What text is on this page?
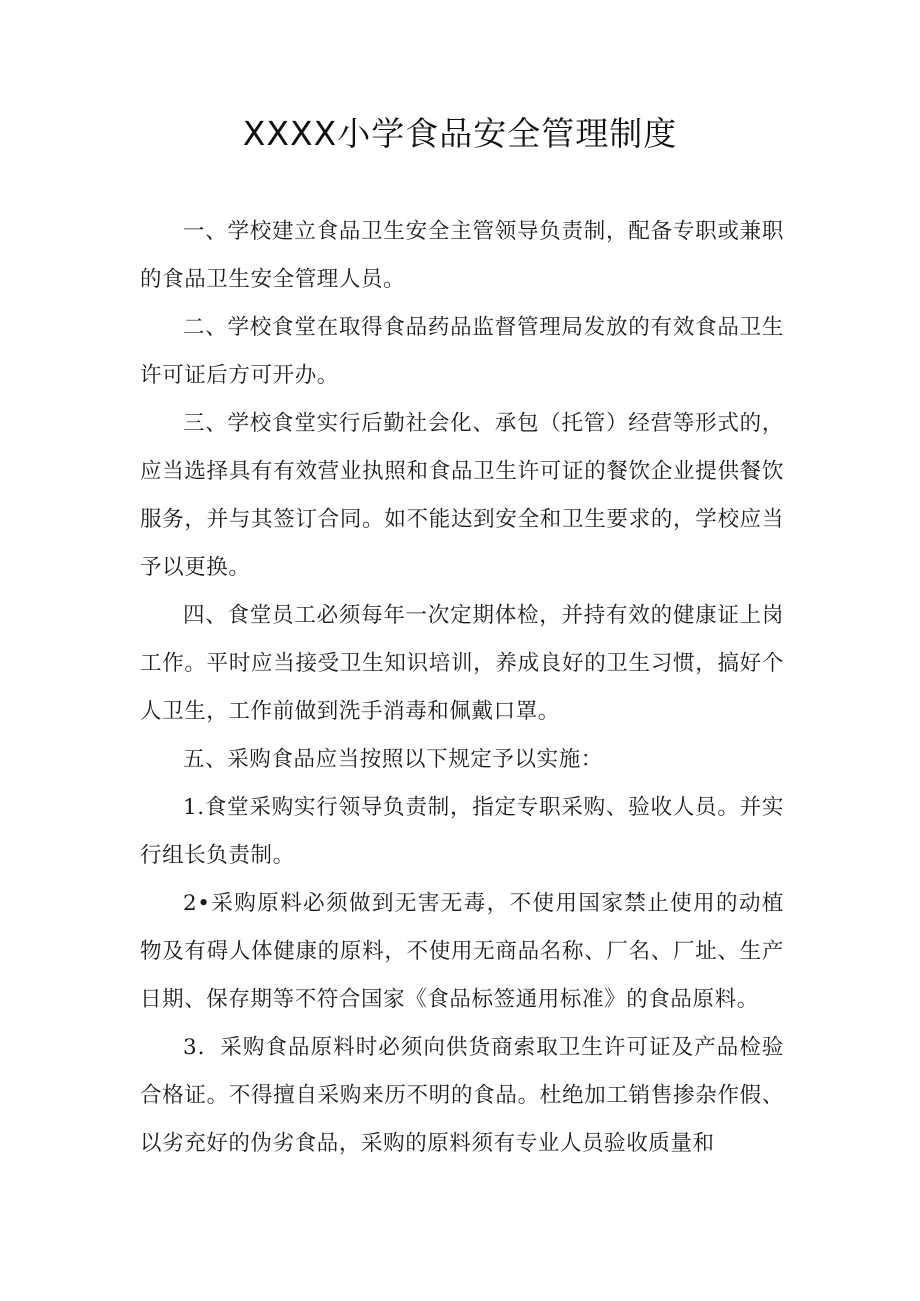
XXXX小学食品安全管理制度

一、学校建立食品卫生安全主管领导负责制，配备专职或兼职的食品卫生安全管理人员。

二、学校食堂在取得食品药品监督管理局发放的有效食品卫生许可证后方可开办。

三、学校食堂实行后勤社会化、承包（托管）经营等形式的，应当选择具有有效营业执照和食品卫生许可证的餐饮企业提供餐饮服务，并与其签订合同。如不能达到安全和卫生要求的，学校应当予以更换。

四、食堂员工必须每年一次定期体检，并持有效的健康证上岗工作。平时应当接受卫生知识培训，养成良好的卫生习惯，搞好个人卫生，工作前做到洗手消毒和佩戴口罩。

五、采购食品应当按照以下规定予以实施：

1.食堂采购实行领导负责制，指定专职采购、验收人员。并实行组长负责制。

2•采购原料必须做到无害无毒，不使用国家禁止使用的动植物及有碍人体健康的原料，不使用无商品名称、厂名、厂址、生产日期、保存期等不符合国家《食品标签通用标准》的食品原料。

3．采购食品原料时必须向供货商索取卫生许可证及产品检验合格证。不得擅自采购来历不明的食品。杜绝加工销售掺杂作假、以劣充好的伪劣食品，采购的原料须有专业人员验收质量和
